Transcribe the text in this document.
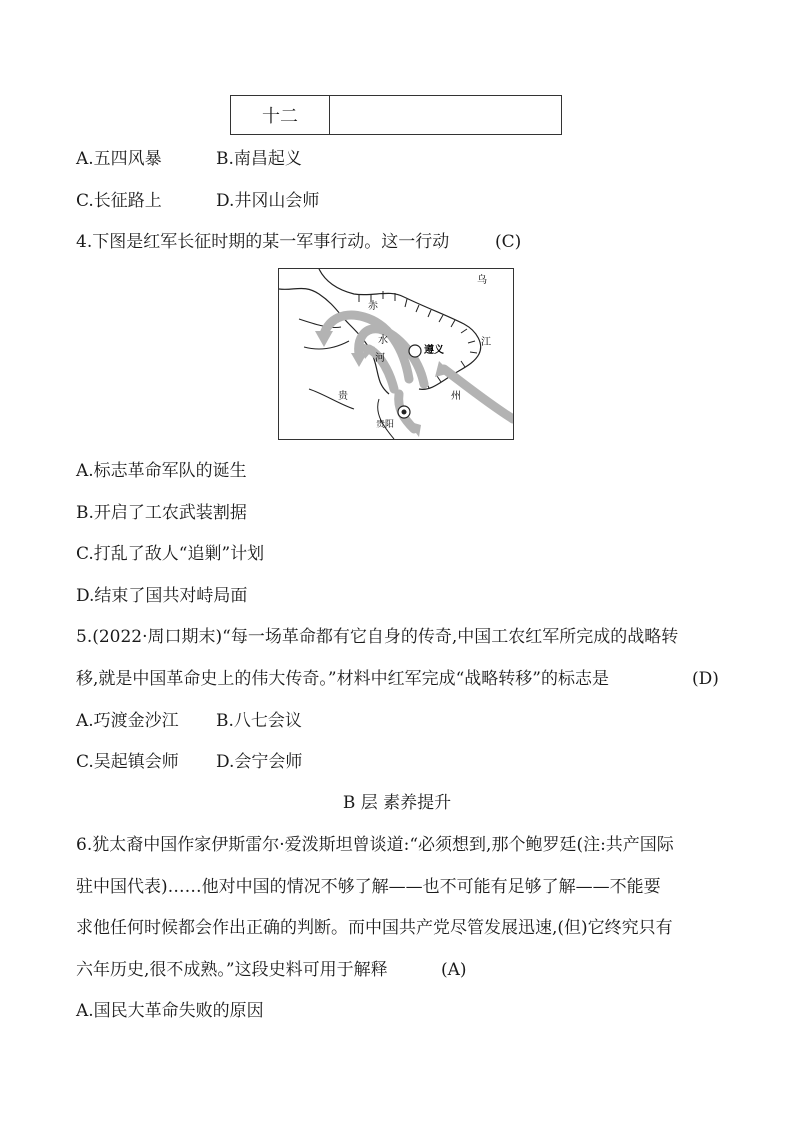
十二
A.五四风暴	B.南昌起义
C.长征路上	D.井冈山会师
4.下图是红军长征时期的某一军事行动。这一行动	(C)
乌
江
赤
水
河
遵义
贵	州
贵阳
A.标志革命军队的诞生
B.开启了工农武装割据
C.打乱了敌人“追剿”计划
D.结束了国共对峙局面
5.(2022·周口期末)“每一场革命都有它自身的传奇,中国工农红军所完成的战略转
移,就是中国革命史上的伟大传奇。”材料中红军完成“战略转移”的标志是	(D)
A.巧渡金沙江 B.八七会议
C.吴起镇会师 D.会宁会师
B 层 素养提升
6.犹太裔中国作家伊斯雷尔·爱泼斯坦曾谈道:“必须想到,那个鲍罗廷(注:共产国际
驻中国代表)……他对中国的情况不够了解——也不可能有足够了解——不能要
求他任何时候都会作出正确的判断。而中国共产党尽管发展迅速,(但)它终究只有
六年历史,很不成熟。”这段史料可用于解释	(A)
A.国民大革命失败的原因
